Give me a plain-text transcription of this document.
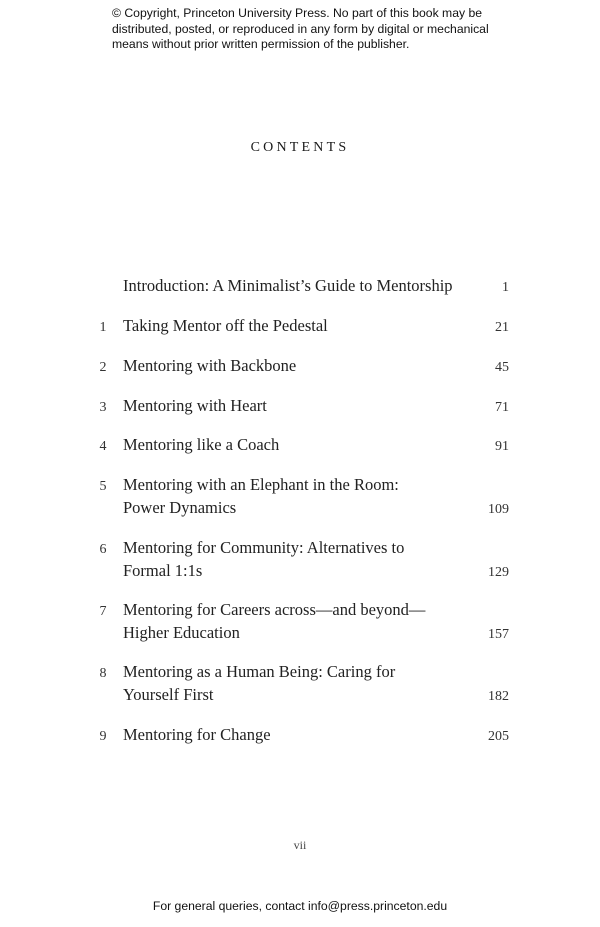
© Copyright, Princeton University Press. No part of this book may be
distributed, posted, or reproduced in any form by digital or mechanical
means without prior written permission of the publisher.
CONTENTS
Introduction: A Minimalist’s Guide to Mentorship	1
1 Taking Mentor off the Pedestal	21
2 Mentoring with Backbone	45
3 Mentoring with Heart	71
4 Mentoring like a Coach	91
5 Mentoring with an Elephant in the Room:
Power Dynamics	109
6 Mentoring for Community: Alternatives to
Formal 1:1s	129
7 Mentoring for Careers across—and beyond—
Higher Education	157
8 Mentoring as a Human Being: Caring for
Yourself First	182
9 Mentoring for Change	205
vii
For general queries, contact info@press.princeton.edu
